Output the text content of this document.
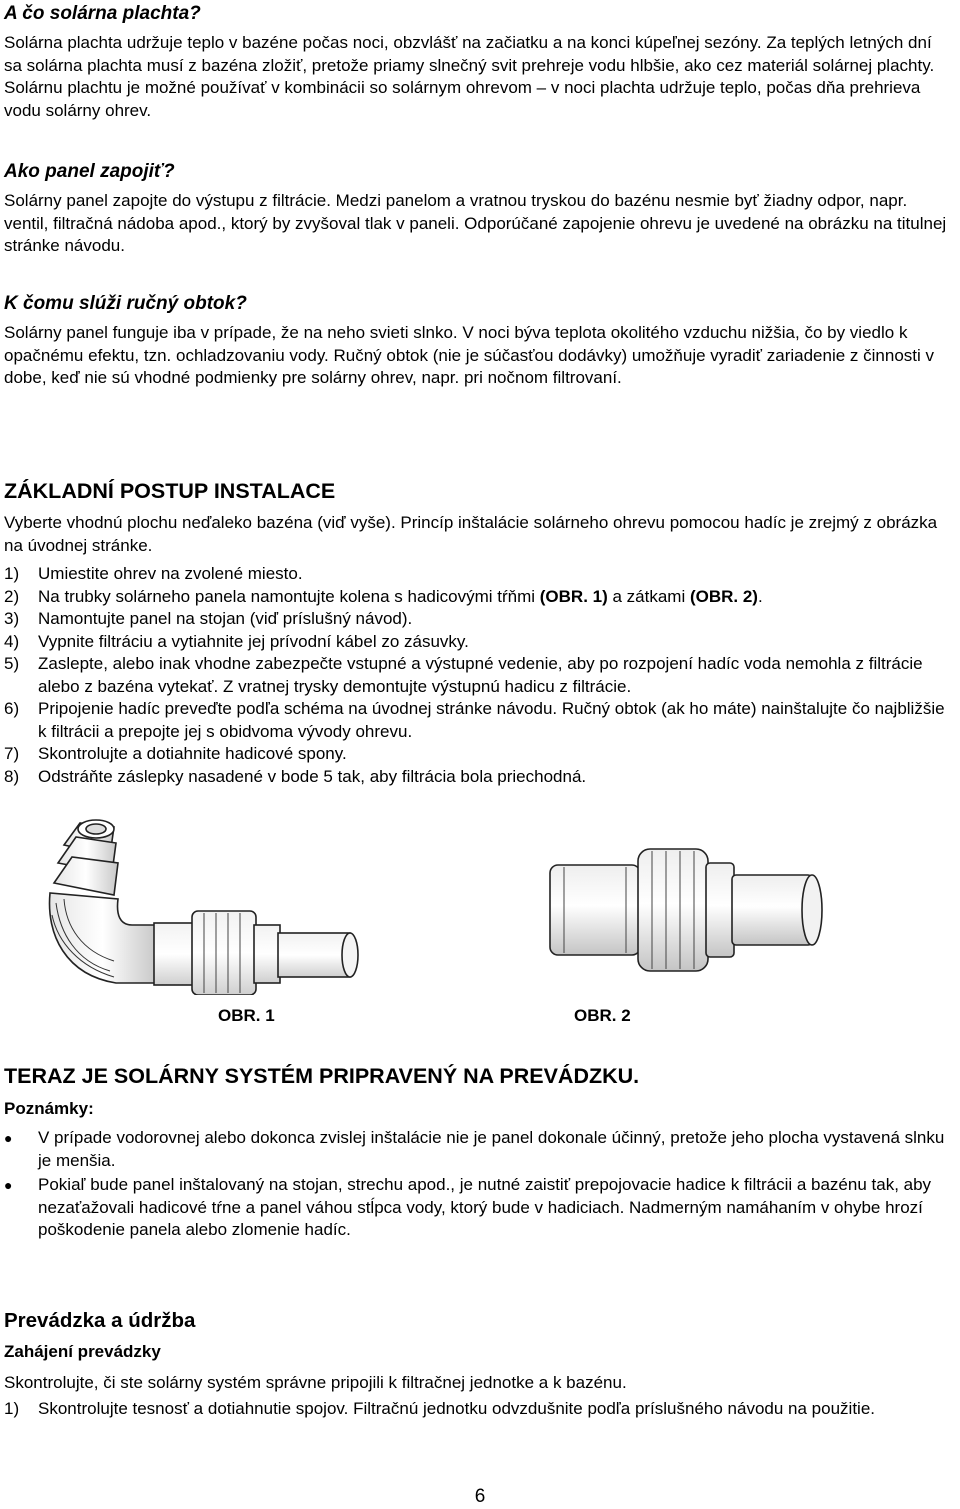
A čo solárna plachta?

Solárna plachta udržuje teplo v bazéne počas noci, obzvlášť na začiatku a na konci kúpeľnej sezóny. Za teplých letných dní sa solárna plachta musí z bazéna zložiť, pretože priamy slnečný svit prehreje vodu hlbšie, ako cez materiál solárnej plachty. Solárnu plachtu je možné používať v kombinácii so solárnym ohrevom – v noci plachta udržuje teplo, počas dňa prehrieva vodu solárny ohrev.

Ako panel zapojiť?

Solárny panel zapojte do výstupu z filtrácie. Medzi panelom a vratnou tryskou do bazénu nesmie byť žiadny odpor, napr. ventil, filtračná nádoba apod., ktorý by zvyšoval tlak v paneli. Odporúčané zapojenie ohrevu je uvedené na obrázku na titulnej stránke návodu.

K čomu slúži ručný obtok?

Solárny panel funguje iba v prípade, že na neho svieti slnko. V noci býva teplota okolitého vzduchu nižšia, čo by viedlo k opačnému efektu, tzn. ochladzovaniu vody. Ručný obtok (nie je súčasťou dodávky) umožňuje vyradiť zariadenie z činnosti v dobe, keď nie sú vhodné podmienky pre solárny ohrev, napr. pri nočnom filtrovaní.

ZÁKLADNÍ POSTUP INSTALACE

Vyberte vhodnú plochu neďaleko bazéna (viď vyše). Princíp inštalácie solárneho ohrevu pomocou hadíc je zrejmý z obrázka na úvodnej stránke.

1) Umiestite ohrev na zvolené miesto.
2) Na trubky solárneho panela namontujte kolena s hadicovými tŕňmi (OBR. 1) a zátkami (OBR. 2).
3) Namontujte panel na stojan (viď príslušný návod).
4) Vypnite filtráciu a vytiahnite jej prívodní kábel zo zásuvky.
5) Zaslepte, alebo inak vhodne zabezpečte vstupné a výstupné vedenie, aby po rozpojení hadíc voda nemohla z filtrácie alebo z bazéna vytekať. Z vratnej trysky demontujte výstupnú hadicu z filtrácie.
6) Pripojenie hadíc preveďte podľa schéma na úvodnej stránke návodu. Ručný obtok (ak ho máte) nainštalujte čo najbližšie k filtrácii a prepojte jej s obidvoma vývody ohrevu.
7) Skontrolujte a dotiahnite hadicové spony.
8) Odstráňte záslepky nasadené v bode 5 tak, aby filtrácia bola priechodná.
OBR. 1	OBR. 2
TERAZ JE SOLÁRNY SYSTÉM PRIPRAVENÝ NA PREVÁDZKU.
Poznámky:
● V prípade vodorovnej alebo dokonca zvislej inštalácie nie je panel dokonale účinný, pretože jeho plocha vystavená slnku je menšia.
● Pokiaľ bude panel inštalovaný na stojan, strechu apod., je nutné zaistiť prepojovacie hadice k filtrácii a bazénu tak, aby nezaťažovali hadicové tŕne a panel váhou stĺpca vody, ktorý bude v hadiciach. Nadmerným namáhaním v ohybe hrozí poškodenie panela alebo zlomenie hadíc.
Prevádzka a údržba
Zahájení prevádzky

Skontrolujte, či ste solárny systém správne pripojili k filtračnej jednotke a k bazénu.

1) Skontrolujte tesnosť a dotiahnutie spojov. Filtračnú jednotku odvzdušnite podľa príslušného návodu na použitie.
6
